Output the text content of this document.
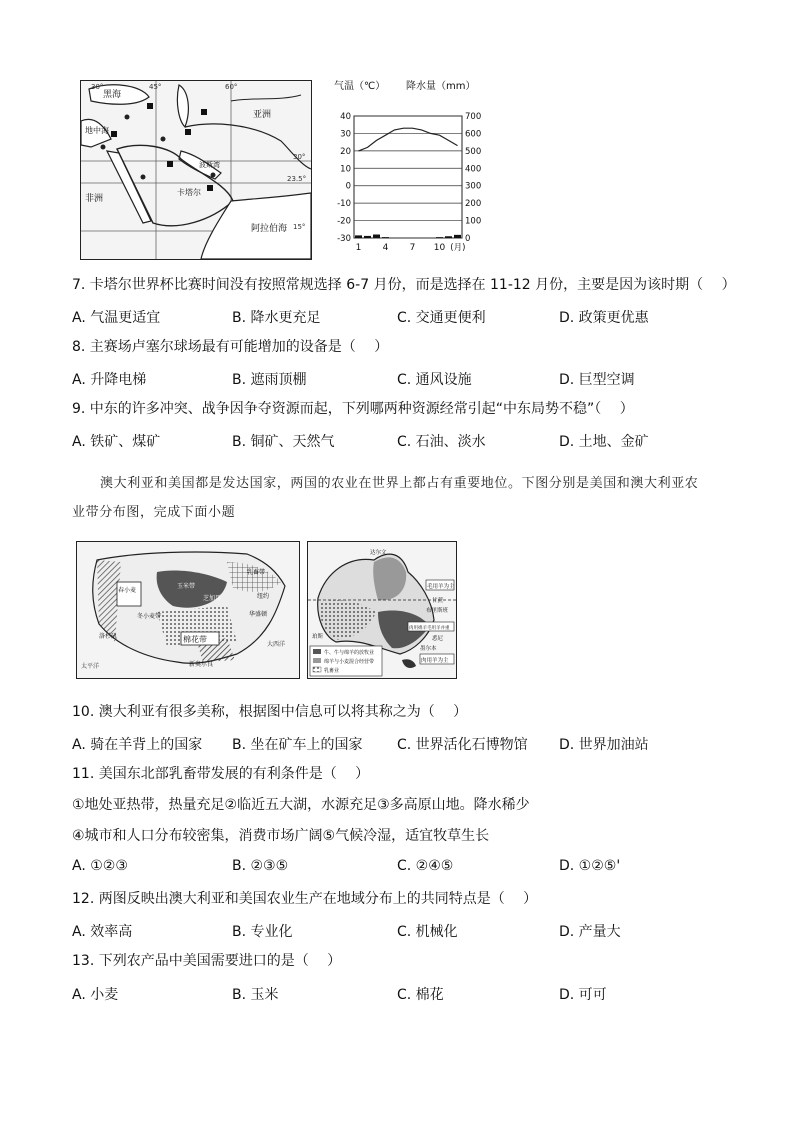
黑海
地中海
亚洲
非洲
卡塔尔
阿拉伯海
波斯湾
45°	60°
30°
30°
23.5°
15°
气温（℃） 降水量（mm）
40	700
30	600
20	500
10	400
0	300
-10	200
-20	100
-30	0
1 4 7 10 (月)
7. 卡塔尔世界杯比赛时间没有按照常规选择 6-7 月份，而是选择在 11-12 月份，主要是因为该时期（　 ）
A. 气温更适宜	B. 降水更充足	C. 交通更便利	D. 政策更优惠
8. 主赛场卢塞尔球场最有可能增加的设备是（　 ）
A. 升降电梯	B. 遮雨顶棚	C. 通风设施	D. 巨型空调
9. 中东的许多冲突、战争因争夺资源而起，下列哪两种资源经常引起“中东局势不稳”（　 ）
A. 铁矿、煤矿	B. 铜矿、天然气	C. 石油、淡水	D. 土地、金矿
澳大利亚和美国都是发达国家，两国的农业在世界上都占有重要地位。下图分别是美国和澳大利亚农
业带分布图，完成下面小题
春小麦
棉花带
乳畜带
玉米带
冬小麦带
纽约
芝加哥
洛杉矶
华盛顿
新奥尔良
太平洋
大西洋
毛用羊为主
达尔文
甘蔗
布里斯班
肉用绵羊毛用羊并重
悉尼
墨尔本
珀斯
肉用羊为主
牛、牛与绵羊的放牧业
绵羊与小麦混合经营带
乳畜业
10. 澳大利亚有很多美称，根据图中信息可以将其称之为（　 ）
A. 骑在羊背上的国家 B. 坐在矿车上的国家 C. 世界活化石博物馆 D. 世界加油站
11. 美国东北部乳畜带发展的有利条件是（　 ）
①地处亚热带，热量充足②临近五大湖，水源充足③多高原山地。降水稀少
④城市和人口分布较密集，消费市场广阔⑤气候冷湿，适宜牧草生长
A. ①②③	B. ②③⑤	C. ②④⑤	D. ①②⑤'
12. 两图反映出澳大利亚和美国农业生产在地域分布上的共同特点是（　 ）
A. 效率高	B. 专业化	C. 机械化	D. 产量大
13. 下列农产品中美国需要进口的是（　 ）
A. 小麦	B. 玉米	C. 棉花	D. 可可
